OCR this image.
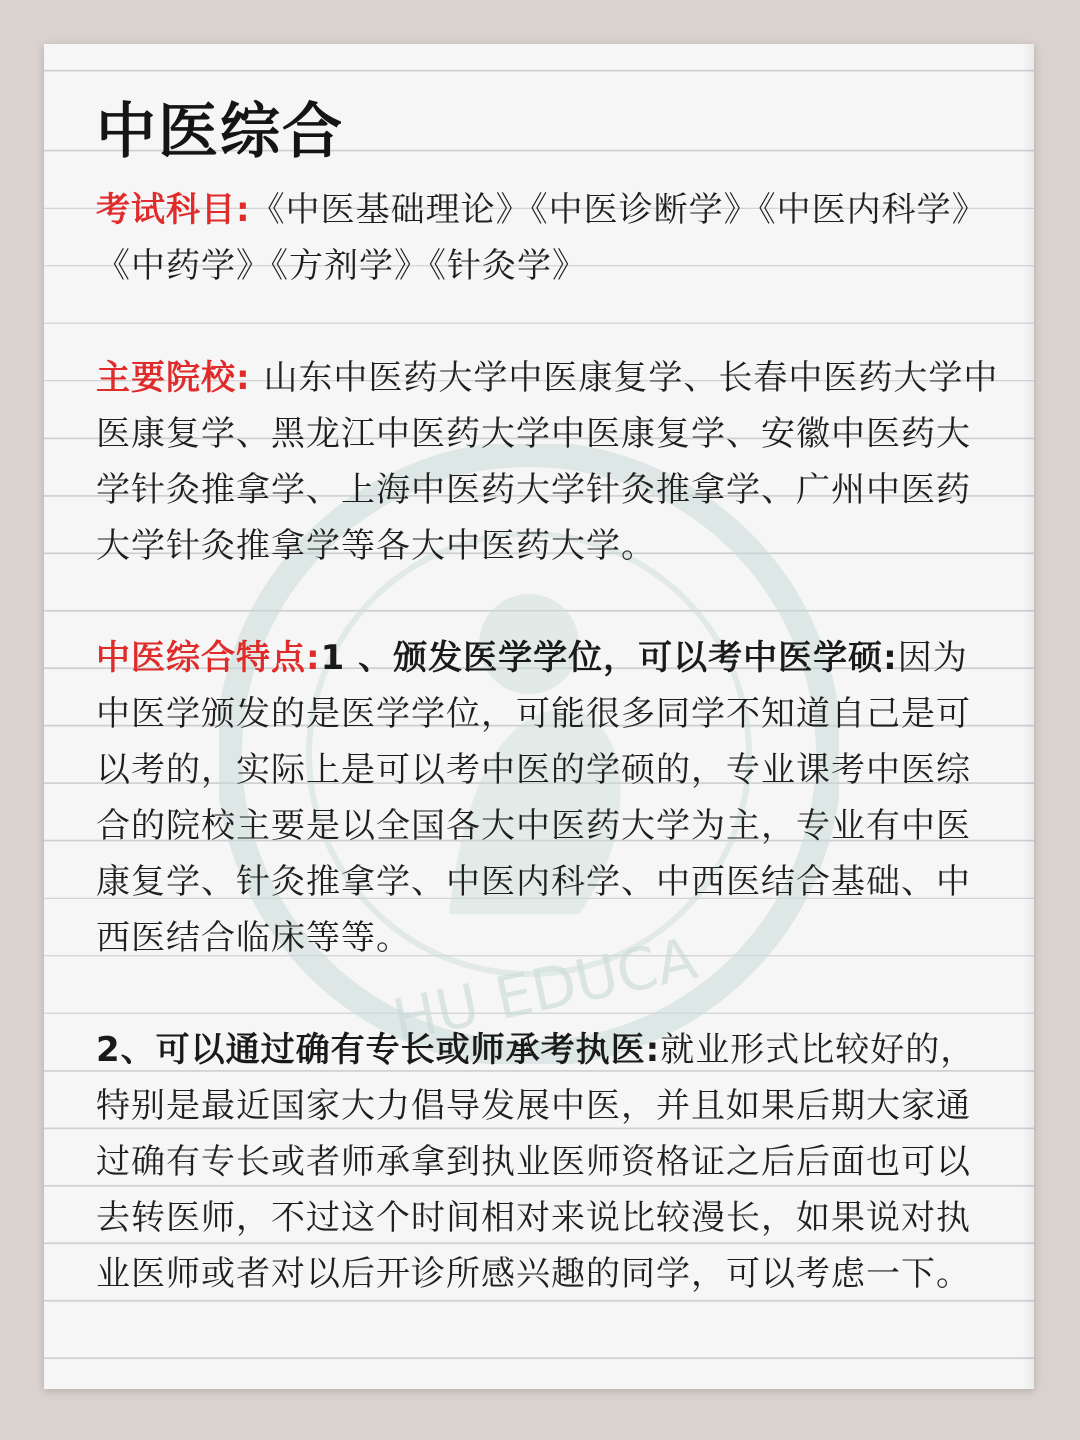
HU EDUCA
中医综合

考试科目:《中医基础理论》《中医诊断学》《中医内科学》《中药学》《方剂学》《针灸学》

主要院校: 山东中医药大学中医康复学、长春中医药大学中医康复学、黑龙江中医药大学中医康复学、安徽中医药大学针灸推拿学、上海中医药大学针灸推拿学、广州中医药大学针灸推拿学等各大中医药大学。

中医综合特点:1 、颁发医学学位，可以考中医学硕:因为中医学颁发的是医学学位，可能很多同学不知道自己是可以考的，实际上是可以考中医的学硕的，专业课考中医综合的院校主要是以全国各大中医药大学为主，专业有中医康复学、针灸推拿学、中医内科学、中西医结合基础、中西医结合临床等等。

2、可以通过确有专长或师承考执医:就业形式比较好的，特别是最近国家大力倡导发展中医，并且如果后期大家通过确有专长或者师承拿到执业医师资格证之后后面也可以去转医师，不过这个时间相对来说比较漫长，如果说对执业医师或者对以后开诊所感兴趣的同学，可以考虑一下。
